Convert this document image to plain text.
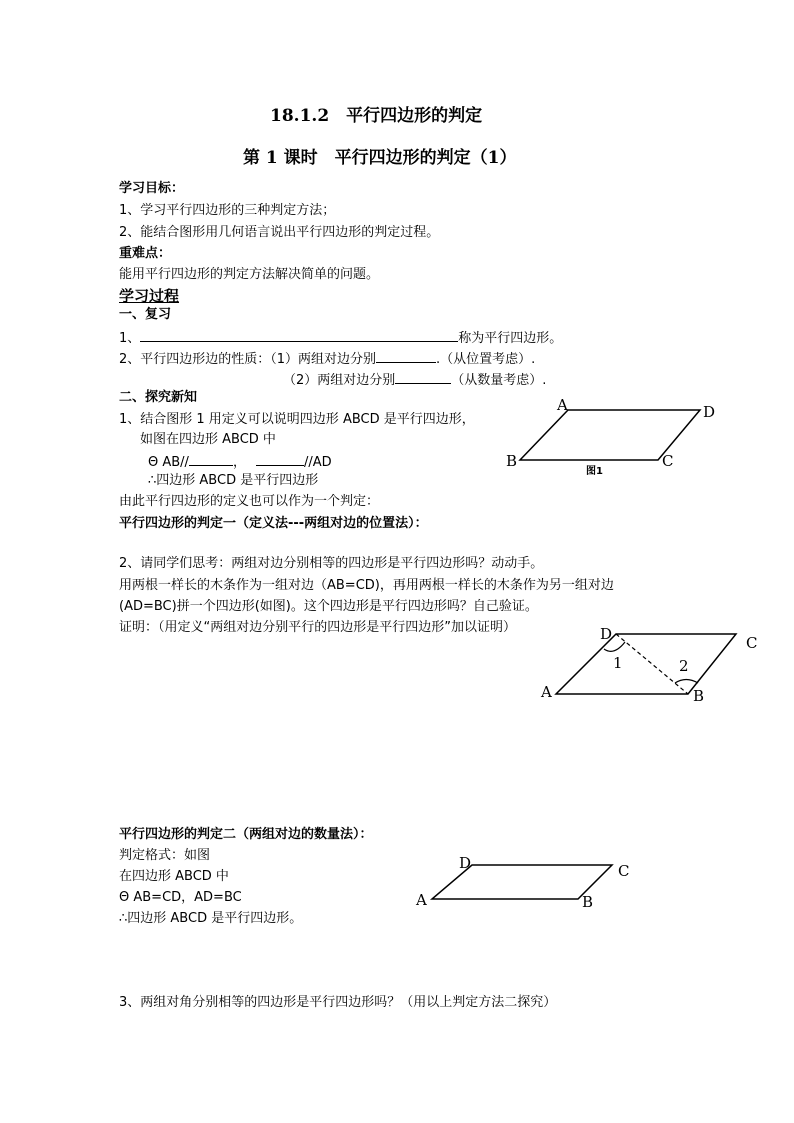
18.1.2　平行四边形的判定
第 1 课时　平行四边形的判定（1）
学习目标：
1、学习平行四边形的三种判定方法；
2、能结合图形用几何语言说出平行四边形的判定过程。
重难点：
能用平行四边形的判定方法解决简单的问题。
学习过程
一、复习
1、	称为平行四边形。
2、平行四边形边的性质：（1）两组对边分别	.（从位置考虑）.
（2）两组对边分别	（从数量考虑）.
二、探究新知
1、结合图形 1 用定义可以说明四边形 ABCD 是平行四边形，
如图在四边形 ABCD 中
Θ AB//	，	//AD
∴四边形 ABCD 是平行四边形
由此平行四边形的定义也可以作为一个判定：
平行四边形的判定一（定义法---两组对边的位置法）：
A	D
B	C
图1
2、请同学们思考：两组对边分别相等的四边形是平行四边形吗？动动手。
用两根一样长的木条作为一组对边（AB=CD)，再用两根一样长的木条作为另一组对边
(AD=BC)拼一个四边形(如图)。这个四边形是平行四边形吗？自己验证。
证明：（用定义“两组对边分别平行的四边形是平行四边形”加以证明）	D	C
A	B
1	2
平行四边形的判定二（两组对边的数量法）：
判定格式：如图
在四边形 ABCD 中
Θ AB=CD，AD=BC
∴四边形 ABCD 是平行四边形。
D	C
A	B
3、两组对角分别相等的四边形是平行四边形吗？（用以上判定方法二探究）
